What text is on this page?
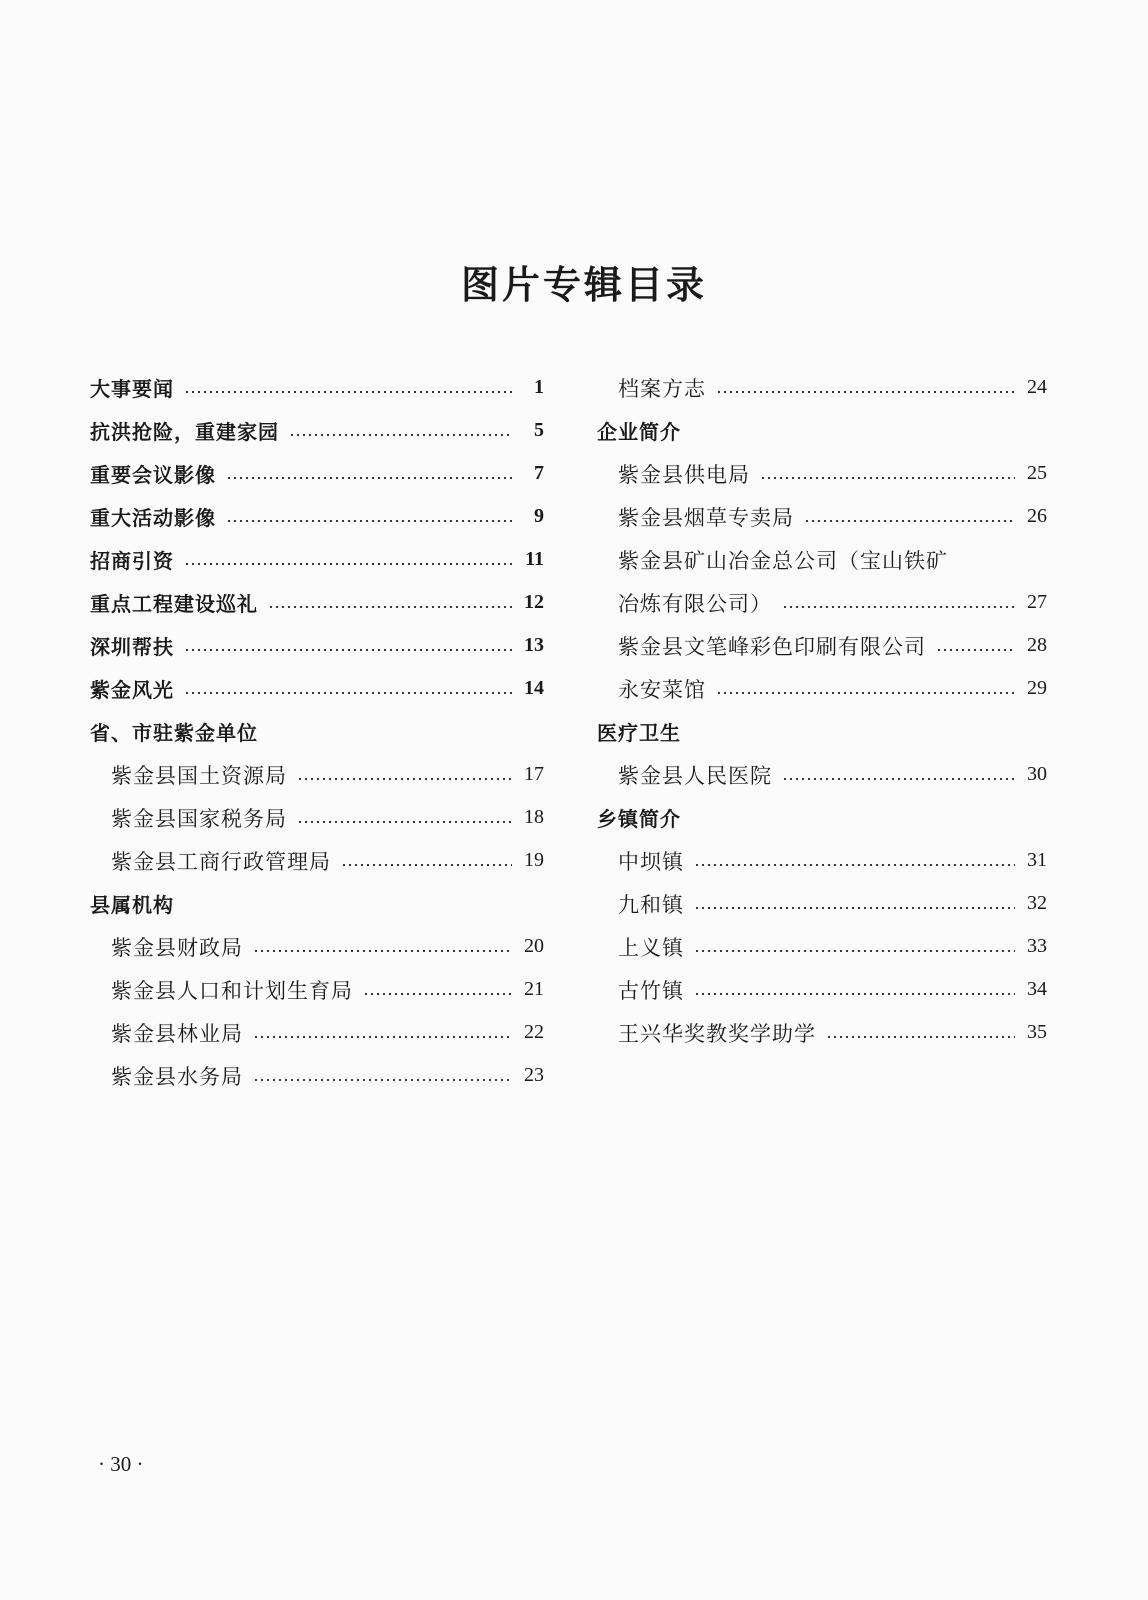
图片专辑目录
大事要闻	1
抗洪抢险，重建家园	5
重要会议影像	7
重大活动影像	9
招商引资	11
重点工程建设巡礼	12
深圳帮扶	13
紫金风光	14
省、市驻紫金单位
紫金县国土资源局	17
紫金县国家税务局	18
紫金县工商行政管理局	19
县属机构
紫金县财政局	20
紫金县人口和计划生育局	21
紫金县林业局	22
紫金县水务局	23
档案方志	24
企业简介
紫金县供电局	25
紫金县烟草专卖局	26
紫金县矿山冶金总公司（宝山铁矿
冶炼有限公司）	27
紫金县文笔峰彩色印刷有限公司	28
永安菜馆	29
医疗卫生
紫金县人民医院	30
乡镇简介
中坝镇	31
九和镇	32
上义镇	33
古竹镇	34
王兴华奖教奖学助学	35
· 30 ·
